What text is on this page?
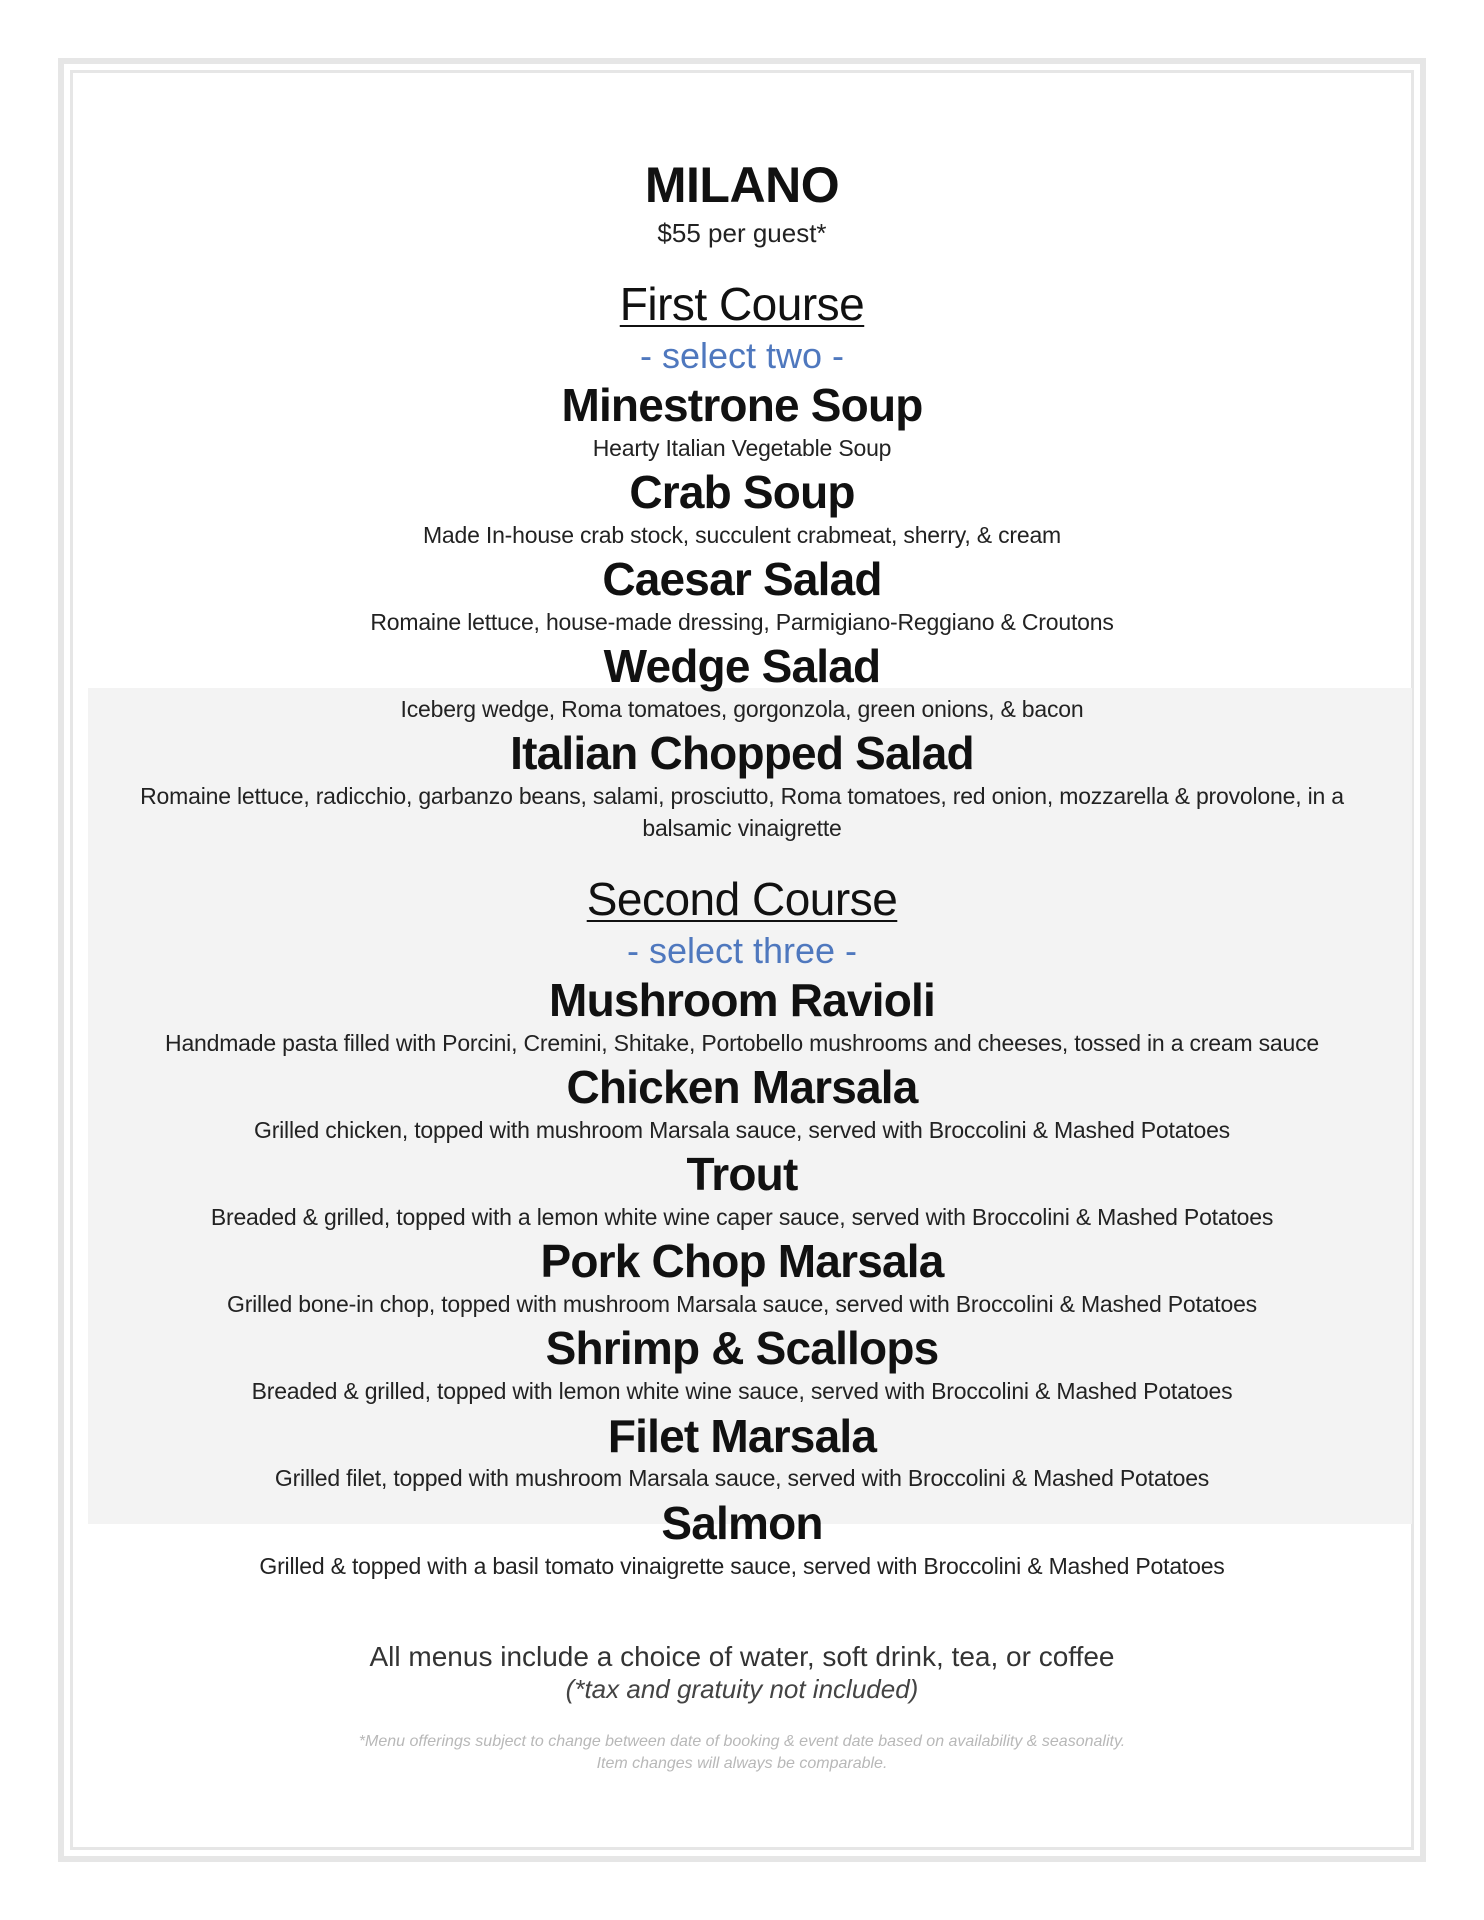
MILANO
$55 per guest*
First Course
- select two -
Minestrone Soup
Hearty Italian Vegetable Soup
Crab Soup
Made In-house crab stock, succulent crabmeat, sherry, & cream
Caesar Salad
Romaine lettuce, house-made dressing, Parmigiano-Reggiano & Croutons
Wedge Salad
Iceberg wedge, Roma tomatoes, gorgonzola, green onions, & bacon
Italian Chopped Salad
Romaine lettuce, radicchio, garbanzo beans, salami, prosciutto, Roma tomatoes, red onion, mozzarella & provolone, in a balsamic vinaigrette
Second Course
- select three -
Mushroom Ravioli
Handmade pasta filled with Porcini, Cremini, Shitake, Portobello mushrooms and cheeses, tossed in a cream sauce
Chicken Marsala
Grilled chicken, topped with mushroom Marsala sauce, served with Broccolini & Mashed Potatoes
Trout
Breaded & grilled, topped with a lemon white wine caper sauce, served with Broccolini & Mashed Potatoes
Pork Chop Marsala
Grilled bone-in chop, topped with mushroom Marsala sauce, served with Broccolini & Mashed Potatoes
Shrimp & Scallops
Breaded & grilled, topped with lemon white wine sauce, served with Broccolini & Mashed Potatoes
Filet Marsala
Grilled filet, topped with mushroom Marsala sauce, served with Broccolini & Mashed Potatoes
Salmon
Grilled & topped with a basil tomato vinaigrette sauce, served with Broccolini & Mashed Potatoes
All menus include a choice of water, soft drink, tea, or coffee
(*tax and gratuity not included)
*Menu offerings subject to change between date of booking & event date based on availability & seasonality.
Item changes will always be comparable.
